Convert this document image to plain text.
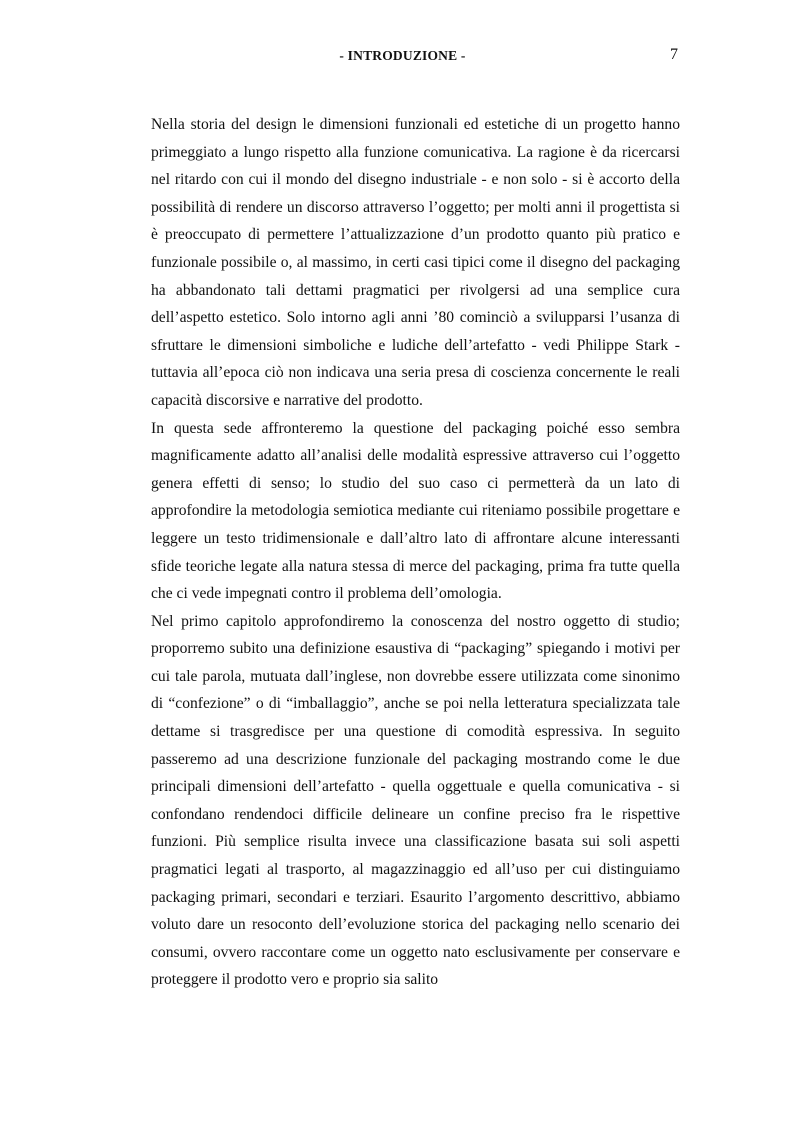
- INTRODUZIONE -	7

Nella storia del design le dimensioni funzionali ed estetiche di un progetto hanno primeggiato a lungo rispetto alla funzione comunicativa. La ragione è da ricercarsi nel ritardo con cui il mondo del disegno industriale - e non solo - si è accorto della possibilità di rendere un discorso attraverso l’oggetto; per molti anni il progettista si è preoccupato di permettere l’attualizzazione d’un prodotto quanto più pratico e funzionale possibile o, al massimo, in certi casi tipici come il disegno del packaging ha abbandonato tali dettami pragmatici per rivolgersi ad una semplice cura dell’aspetto estetico. Solo intorno agli anni ’80 cominciò a svilupparsi l’usanza di sfruttare le dimensioni simboliche e ludiche dell’artefatto - vedi Philippe Stark - tuttavia all’epoca ciò non indicava una seria presa di coscienza concernente le reali capacità discorsive e narrative del prodotto.

In questa sede affronteremo la questione del packaging poiché esso sembra magnificamente adatto all’analisi delle modalità espressive attraverso cui l’oggetto genera effetti di senso; lo studio del suo caso ci permetterà da un lato di approfondire la metodologia semiotica mediante cui riteniamo possibile progettare e leggere un testo tridimensionale e dall’altro lato di affrontare alcune interessanti sfide teoriche legate alla natura stessa di merce del packaging, prima fra tutte quella che ci vede impegnati contro il problema dell’omologia.

Nel primo capitolo approfondiremo la conoscenza del nostro oggetto di studio; proporremo subito una definizione esaustiva di “packaging” spiegando i motivi per cui tale parola, mutuata dall’inglese, non dovrebbe essere utilizzata come sinonimo di “confezione” o di “imballaggio”, anche se poi nella letteratura specializzata tale dettame si trasgredisce per una questione di comodità espressiva. In seguito passeremo ad una descrizione funzionale del packaging mostrando come le due principali dimensioni dell’artefatto - quella oggettuale e quella comunicativa - si confondano rendendoci difficile delineare un confine preciso fra le rispettive funzioni. Più semplice risulta invece una classificazione basata sui soli aspetti pragmatici legati al trasporto, al magazzinaggio ed all’uso per cui distinguiamo packaging primari, secondari e terziari. Esaurito l’argomento descrittivo, abbiamo voluto dare un resoconto dell’evoluzione storica del packaging nello scenario dei consumi, ovvero raccontare come un oggetto nato esclusivamente per conservare e proteggere il prodotto vero e proprio sia salito
